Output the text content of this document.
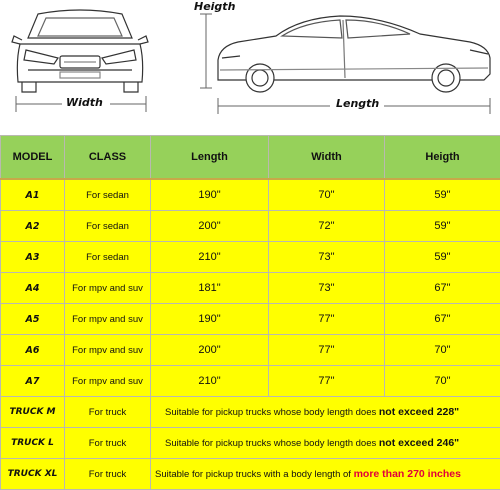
Width
Heigth
Length
MODEL	CLASS	Length	Width	Heigth
A1	For sedan	190"	70"	59"
A2	For sedan	200"	72"	59"
A3	For sedan	210"	73"	59"
A4	For mpv and suv	181"	73"	67"
A5	For mpv and suv	190"	77"	67"
A6	For mpv and suv	200"	77"	70"
A7	For mpv and suv	210"	77"	70"
TRUCK M	For truck	Suitable for pickup trucks whose body length does not exceed 228"		
TRUCK L	For truck	Suitable for pickup trucks whose body length does not exceed 246"		
TRUCK XL	For truck	Suitable for pickup trucks with a body length of more than 270 inches		
